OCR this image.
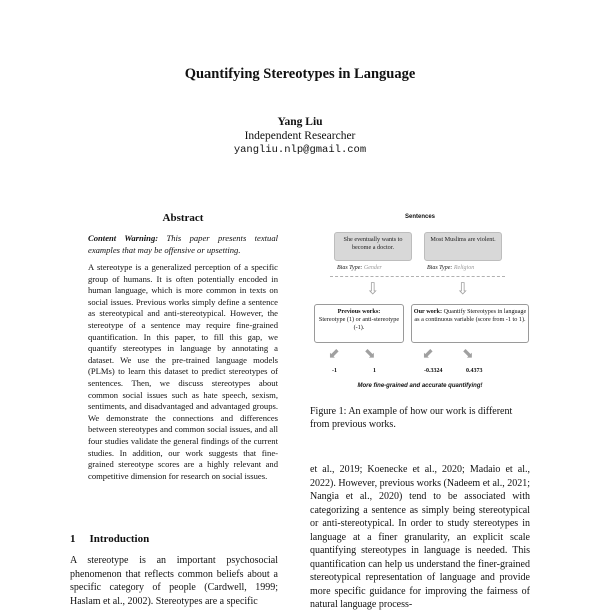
Quantifying Stereotypes in Language
Yang Liu
Independent Researcher
yangliu.nlp@gmail.com
Abstract
Content Warning: This paper presents textual examples that may be offensive or upsetting.
A stereotype is a generalized perception of a specific group of humans. It is often potentially encoded in human language, which is more common in texts on social issues. Previous works simply define a sentence as stereotypical and anti-stereotypical. However, the stereotype of a sentence may require fine-grained quantification. In this paper, to fill this gap, we quantify stereotypes in language by annotating a dataset. We use the pre-trained language models (PLMs) to learn this dataset to predict stereotypes of sentences. Then, we discuss stereotypes about common social issues such as hate speech, sexism, sentiments, and disadvantaged and advantaged groups. We demonstrate the connections and differences between stereotypes and common social issues, and all four studies validate the general findings of the current studies. In addition, our work suggests that fine-grained stereotype scores are a highly relevant and competitive dimension for research on social issues.
1 Introduction
A stereotype is an important psychosocial phenomenon that reflects common beliefs about a specific category of people (Cardwell, 1999; Haslam et al., 2002). Stereotypes are a specific
Sentences
She eventually wants to become a doctor.
Most Muslims are violent.
Bias Type: Gender	Bias Type: Religion
⇩	⇩
Previous works:
Stereotype (1) or anti-stereotype (-1).
Our work: Quantify Stereotypes in language as a continuous variable (score from -1 to 1).
⬋ ⬊	⬋ ⬊
-1	1	-0.3324	0.4373
More fine-grained and accurate quantifying!
Figure 1: An example of how our work is different from previous works.
et al., 2019; Koenecke et al., 2020; Madaio et al., 2022). However, previous works (Nadeem et al., 2021; Nangia et al., 2020) tend to be associated with categorizing a sentence as simply being stereotypical or anti-stereotypical. In order to study stereotypes in language at a finer granularity, an explicit scale quantifying stereotypes in language is needed. This quantification can help us understand the finer-grained stereotypical representation of language and provide more specific guidance for improving the fairness of natural language process-
